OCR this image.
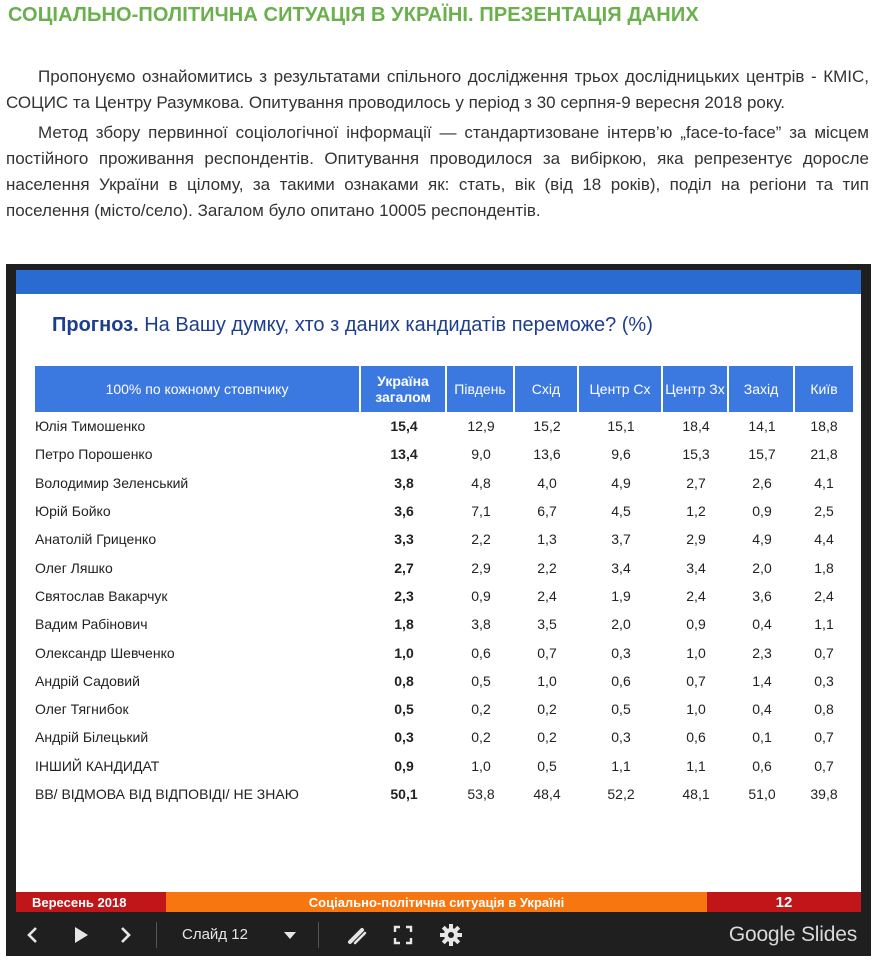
СОЦІАЛЬНО-ПОЛІТИЧНА СИТУАЦІЯ В УКРАЇНІ. ПРЕЗЕНТАЦІЯ ДАНИХ

Пропонуємо ознайомитись з результатами спільного дослідження трьох дослідницьких центрів - КМІС, СОЦИС та Центру Разумкова. Опитування проводилось у період з 30 серпня-9 вересня 2018 року.

Метод збору первинної соціологічної інформації — стандартизоване інтерв’ю „face-to-face” за місцем постійного проживання респондентів. Опитування проводилося за вибіркою, яка репрезентує доросле населення України в цілому, за такими ознаками як: стать, вік (від 18 років), поділ на регіони та тип поселення (місто/село). Загалом було опитано 10005 респондентів.

Прогноз. На Вашу думку, хто з даних кандидатів переможе? (%)
100% по кожному стовпчику	Україна загалом	Південь	Схід	Центр Сх	Центр Зх	Захід	Київ
Юлія Тимошенко	15,4	12,9	15,2	15,1	18,4	14,1	18,8
Петро Порошенко	13,4	9,0	13,6	9,6	15,3	15,7	21,8
Володимир Зеленський	3,8	4,8	4,0	4,9	2,7	2,6	4,1
Юрій Бойко	3,6	7,1	6,7	4,5	1,2	0,9	2,5
Анатолій Гриценко	3,3	2,2	1,3	3,7	2,9	4,9	4,4
Олег Ляшко	2,7	2,9	2,2	3,4	3,4	2,0	1,8
Святослав Вакарчук	2,3	0,9	2,4	1,9	2,4	3,6	2,4
Вадим Рабінович	1,8	3,8	3,5	2,0	0,9	0,4	1,1
Олександр Шевченко	1,0	0,6	0,7	0,3	1,0	2,3	0,7
Андрій Садовий	0,8	0,5	1,0	0,6	0,7	1,4	0,3
Олег Тягнибок	0,5	0,2	0,2	0,5	1,0	0,4	0,8
Андрій Білецький	0,3	0,2	0,2	0,3	0,6	0,1	0,7
ІНШИЙ КАНДИДАТ	0,9	1,0	0,5	1,1	1,1	0,6	0,7
ВВ/ ВІДМОВА ВІД ВІДПОВІДІ/ НЕ ЗНАЮ	50,1	53,8	48,4	52,2	48,1	51,0	39,8
Вересень 2018	Соціально-політична ситуація в Україні	12
Слайд 12	Google Slides
